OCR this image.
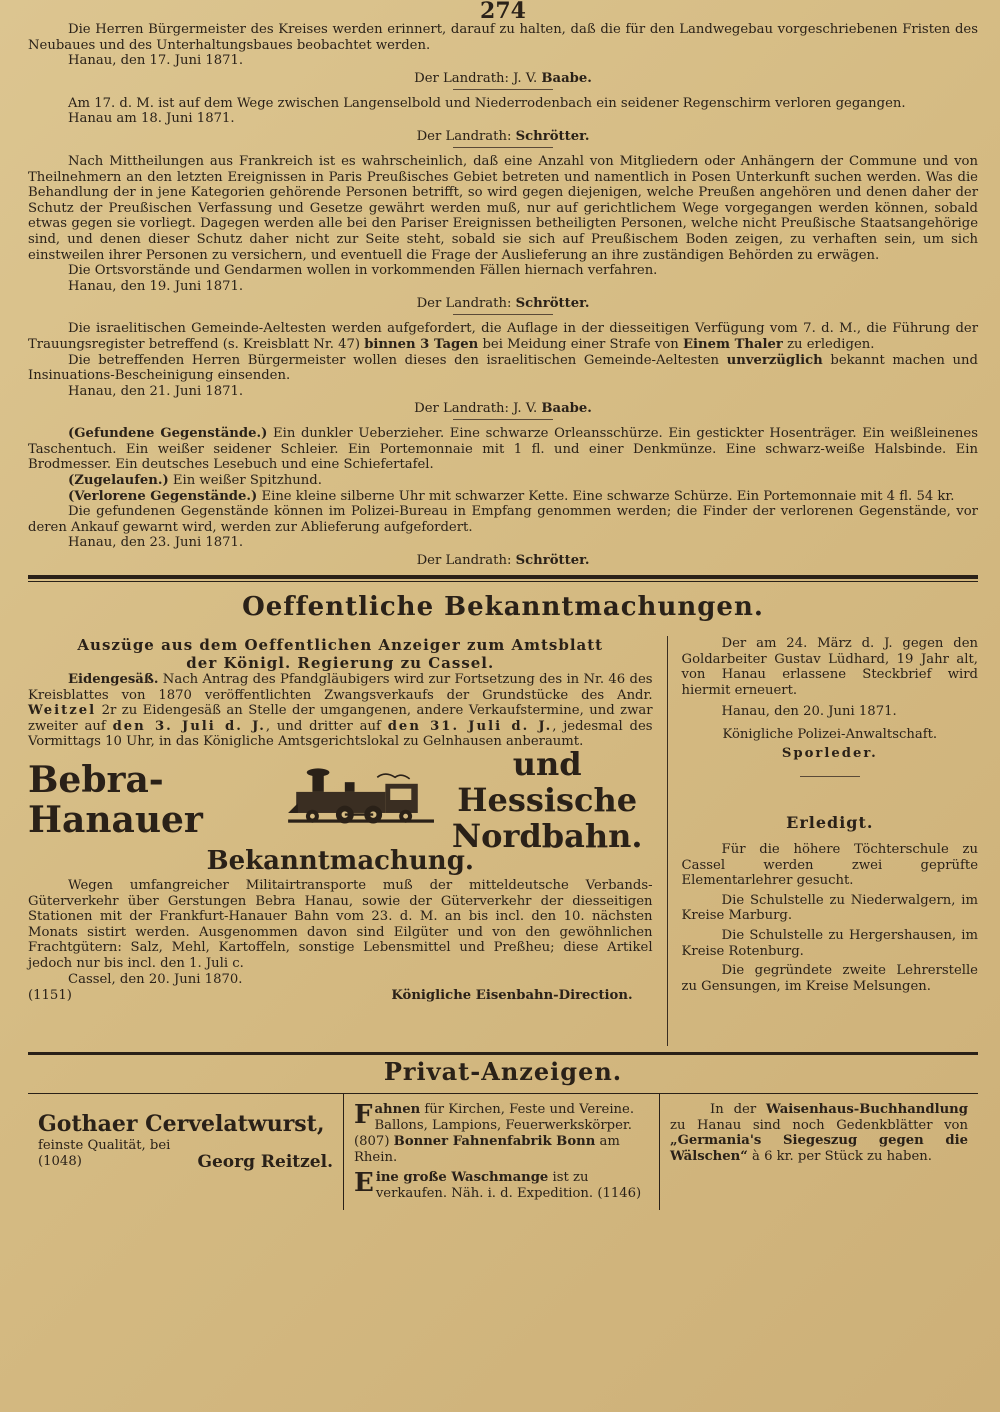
274

Die Herren Bürgermeister des Kreises werden erinnert, darauf zu halten, daß die für den Landwegebau vorgeschriebenen Fristen des Neubaues und des Unterhaltungsbaues beobachtet werden.

Hanau, den 17. Juni 1871.

Der Landrath: J. V. Baabe.

Am 17. d. M. ist auf dem Wege zwischen Langenselbold und Niederrodenbach ein seidener Regenschirm verloren gegangen.

Hanau am 18. Juni 1871.

Der Landrath: Schrötter.

Nach Mittheilungen aus Frankreich ist es wahrscheinlich, daß eine Anzahl von Mitgliedern oder Anhängern der Commune und von Theilnehmern an den letzten Ereignissen in Paris Preußisches Gebiet betreten und namentlich in Posen Unterkunft suchen werden. Was die Behandlung der in jene Kategorien gehörende Personen betrifft, so wird gegen diejenigen, welche Preußen angehören und denen daher der Schutz der Preußischen Verfassung und Gesetze gewährt werden muß, nur auf gerichtlichem Wege vorgegangen werden können, sobald etwas gegen sie vorliegt. Dagegen werden alle bei den Pariser Ereignissen betheiligten Personen, welche nicht Preußische Staatsangehörige sind, und denen dieser Schutz daher nicht zur Seite steht, sobald sie sich auf Preußischem Boden zeigen, zu verhaften sein, um sich einstweilen ihrer Personen zu versichern, und eventuell die Frage der Auslieferung an ihre zuständigen Behörden zu erwägen.

Die Ortsvorstände und Gendarmen wollen in vorkommenden Fällen hiernach verfahren.

Hanau, den 19. Juni 1871.

Der Landrath: Schrötter.

Die israelitischen Gemeinde-Aeltesten werden aufgefordert, die Auflage in der diesseitigen Verfügung vom 7. d. M., die Führung der Trauungsregister betreffend (s. Kreisblatt Nr. 47) binnen 3 Tagen bei Meidung einer Strafe von Einem Thaler zu erledigen.

Die betreffenden Herren Bürgermeister wollen dieses den israelitischen Gemeinde-Aeltesten unverzüglich bekannt machen und Insinuations-Bescheinigung einsenden.

Hanau, den 21. Juni 1871.

Der Landrath: J. V. Baabe.

(Gefundene Gegenstände.) Ein dunkler Ueberzieher. Eine schwarze Orleansschürze. Ein gestickter Hosenträger. Ein weißleinenes Taschentuch. Ein weißer seidener Schleier. Ein Portemonnaie mit 1 fl. und einer Denkmünze. Eine schwarz-weiße Halsbinde. Ein Brodmesser. Ein deutsches Lesebuch und eine Schiefertafel.

(Zugelaufen.) Ein weißer Spitzhund.

(Verlorene Gegenstände.) Eine kleine silberne Uhr mit schwarzer Kette. Eine schwarze Schürze. Ein Portemonnaie mit 4 fl. 54 kr.

Die gefundenen Gegenstände können im Polizei-Bureau in Empfang genommen werden; die Finder der verlorenen Gegenstände, vor deren Ankauf gewarnt wird, werden zur Ablieferung aufgefordert.

Hanau, den 23. Juni 1871.

Der Landrath: Schrötter.

Oeffentliche Bekanntmachungen.
Auszüge aus dem Oeffentlichen Anzeiger zum Amtsblatt
der Königl. Regierung zu Cassel.

Eidengesäß. Nach Antrag des Pfandgläubigers wird zur Fortsetzung des in Nr. 46 des Kreisblattes von 1870 veröffentlichten Zwangsverkaufs der Grundstücke des Andr. Weitzel 2r zu Eidengesäß an Stelle der umgangenen, andere Verkaufstermine, und zwar zweiter auf den 3. Juli d. J., und dritter auf den 31. Juli d. J., jedesmal des Vormittags 10 Uhr, in das Königliche Amtsgerichtslokal zu Gelnhausen anberaumt.

Bebra-Hanauer
und Hessische
Nordbahn.
Bekanntmachung.

Wegen umfangreicher Militairtransporte muß der mitteldeutsche Verbands-Güterverkehr über Gerstungen Bebra Hanau, sowie der Güterverkehr der diesseitigen Stationen mit der Frankfurt-Hanauer Bahn vom 23. d. M. an bis incl. den 10. nächsten Monats sistirt werden. Ausgenommen davon sind Eilgüter und von den gewöhnlichen Frachtgütern: Salz, Mehl, Kartoffeln, sonstige Lebensmittel und Preßheu; diese Artikel jedoch nur bis incl. den 1. Juli c.

Cassel, den 20. Juni 1870.

(1151)	Königliche Eisenbahn-Direction.

Der am 24. März d. J. gegen den Goldarbeiter Gustav Lüdhard, 19 Jahr alt, von Hanau erlassene Steckbrief wird hiermit erneuert.

Hanau, den 20. Juni 1871.

Königliche Polizei-Anwaltschaft.

Sporleder.

Erledigt.

Für die höhere Töchterschule zu Cassel werden zwei geprüfte Elementarlehrer gesucht.

Die Schulstelle zu Niederwalgern, im Kreise Marburg.

Die Schulstelle zu Hergershausen, im Kreise Rotenburg.

Die gegründete zweite Lehrerstelle zu Gensungen, im Kreise Melsungen.

Privat-Anzeigen.
Gothaer Cervelatwurst,
feinste Qualität, bei
(1048)	Georg Reitzel.
F ahnen für Kirchen, Feste und Vereine. Ballons, Lampions, Feuerwerkskörper.
(807) Bonner Fahnenfabrik Bonn am Rhein.
E ine große Waschmange ist zu verkaufen. Näh. i. d. Expedition. (1146)

In der Waisenhaus-Buchhandlung zu Hanau sind noch Gedenkblätter von „Germania's Siegeszug gegen die Wälschen“ à 6 kr. per Stück zu haben.
